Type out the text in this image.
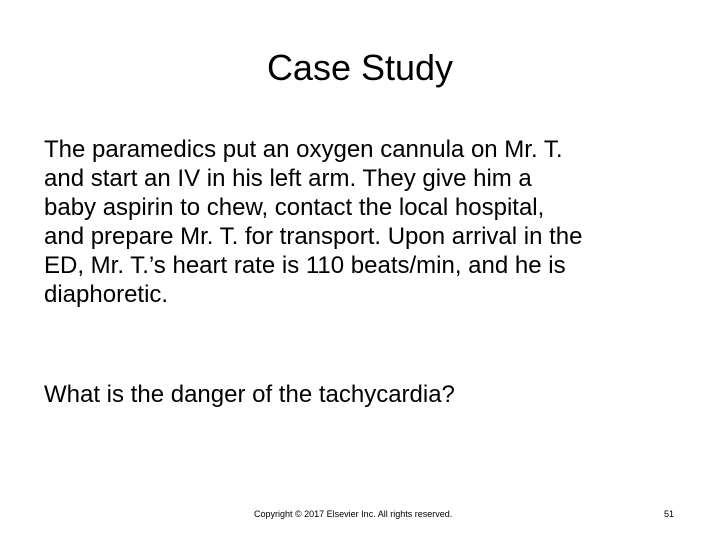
Case Study

The paramedics put an oxygen cannula on Mr. T.
and start an IV in his left arm. They give him a
baby aspirin to chew, contact the local hospital,
and prepare Mr. T. for transport. Upon arrival in the
ED, Mr. T.’s heart rate is 110 beats/min, and he is
diaphoretic.

What is the danger of the tachycardia?

Copyright © 2017 Elsevier Inc. All rights reserved.	51
